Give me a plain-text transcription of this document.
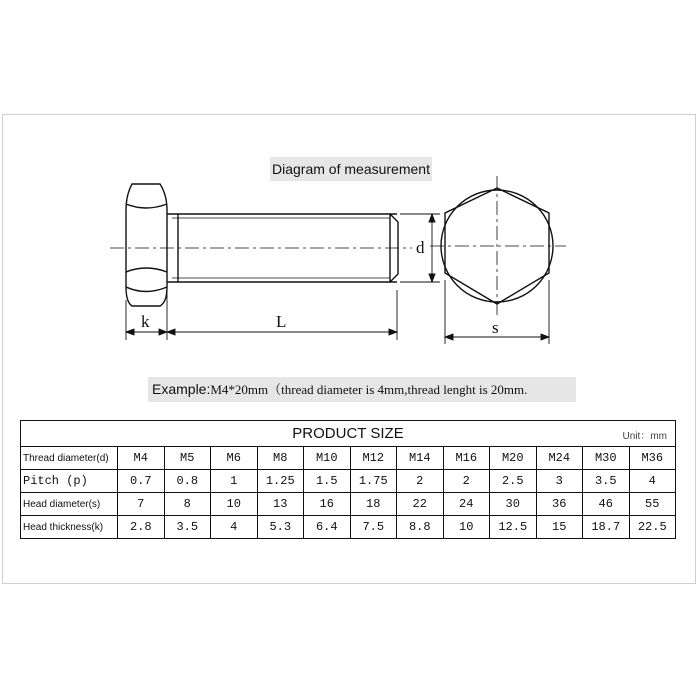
k	L
d
s
Diagram of measurement
Example:M4*20mm（thread diameter is 4mm,thread lenght is 20mm.
PRODUCT SIZE Unit：mm												

Thread diameter(d)	M4	M5	M6	M8	M10	M12	M14	M16	M20	M24	M30	M36
Pitch (p)	0.7	0.8	1	1.25	1.5	1.75	2	2	2.5	3	3.5	4
Head diameter(s)	7	8	10	13	16	18	22	24	30	36	46	55
Head thickness(k)	2.8	3.5	4	5.3	6.4	7.5	8.8	10	12.5	15	18.7	22.5
